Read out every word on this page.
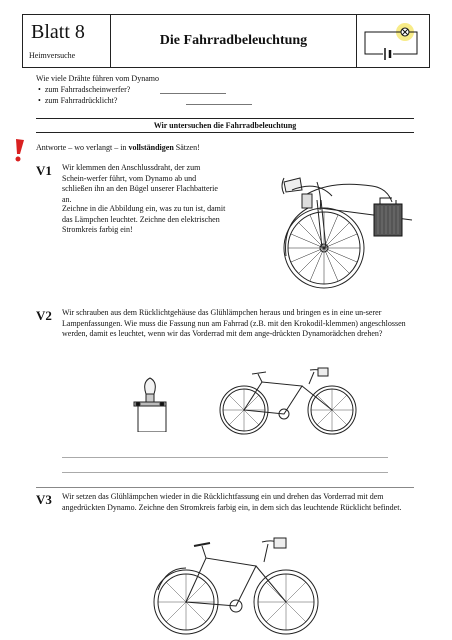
Blatt 8
Heimversuche
Die Fahrradbeleuchtung
Wie viele Drähte führen vom Dynamo
• zum Fahrradscheinwerfer?
• zum Fahrradrücklicht?
Wir untersuchen die Fahrradbeleuchtung
Antworte – wo verlangt – in vollständigen Sätzen!
V1 Wir klemmen den Anschlussdraht, der zum Schein-werfer führt, vom Dynamo ab und schließen ihn an den Bügel unserer Flachbatterie an.
Zeichne in die Abbildung ein, was zu tun ist, damit das Lämpchen leuchtet. Zeichne den elektrischen Stromkreis farbig ein!
V2 Wir schrauben aus dem Rücklichtgehäuse das Glühlämpchen heraus und bringen es in eine un-serer Lampenfassungen. Wie muss die Fassung nun am Fahrrad (z.B. mit den Krokodil-klemmen) angeschlossen werden, damit es leuchtet, wenn wir das Vorderrad mit dem ange-drückten Dynamorädchen drehen?
V3 Wir setzen das Glühlämpchen wieder in die Rücklichtfassung ein und drehen das Vorderrad mit dem angedrückten Dynamo. Zeichne den Stromkreis farbig ein, in dem sich das leuchtende Rücklicht befindet.
